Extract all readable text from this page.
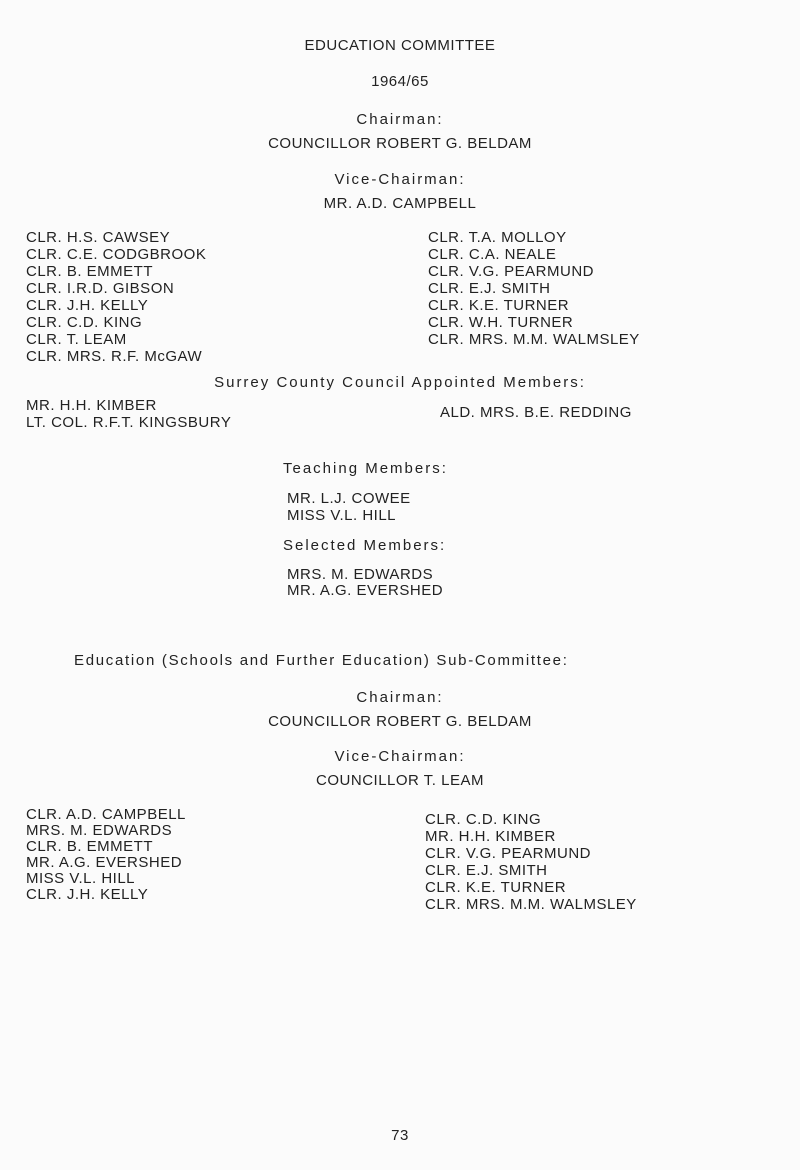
EDUCATION COMMITTEE
1964/65
Chairman:
COUNCILLOR ROBERT G. BELDAM
Vice-Chairman:
MR. A.D. CAMPBELL
CLR. H.S. CAWSEY
CLR. C.E. CODGBROOK
CLR. B. EMMETT
CLR. I.R.D. GIBSON
CLR. J.H. KELLY
CLR. C.D. KING
CLR. T. LEAM
CLR. MRS. R.F. McGAW
CLR. T.A. MOLLOY
CLR. C.A. NEALE
CLR. V.G. PEARMUND
CLR. E.J. SMITH
CLR. K.E. TURNER
CLR. W.H. TURNER
CLR. MRS. M.M. WALMSLEY
Surrey County Council Appointed Members:
MR. H.H. KIMBER
LT. COL. R.F.T. KINGSBURY
ALD. MRS. B.E. REDDING
Teaching Members:
MR. L.J. COWEE
MISS V.L. HILL
Selected Members:
MRS. M. EDWARDS
MR. A.G. EVERSHED
Education (Schools and Further Education) Sub-Committee:
Chairman:
COUNCILLOR ROBERT G. BELDAM
Vice-Chairman:
COUNCILLOR T. LEAM
CLR. A.D. CAMPBELL
MRS. M. EDWARDS
CLR. B. EMMETT
MR. A.G. EVERSHED
MISS V.L. HILL
CLR. J.H. KELLY
CLR. C.D. KING
MR. H.H. KIMBER
CLR. V.G. PEARMUND
CLR. E.J. SMITH
CLR. K.E. TURNER
CLR. MRS. M.M. WALMSLEY
73
